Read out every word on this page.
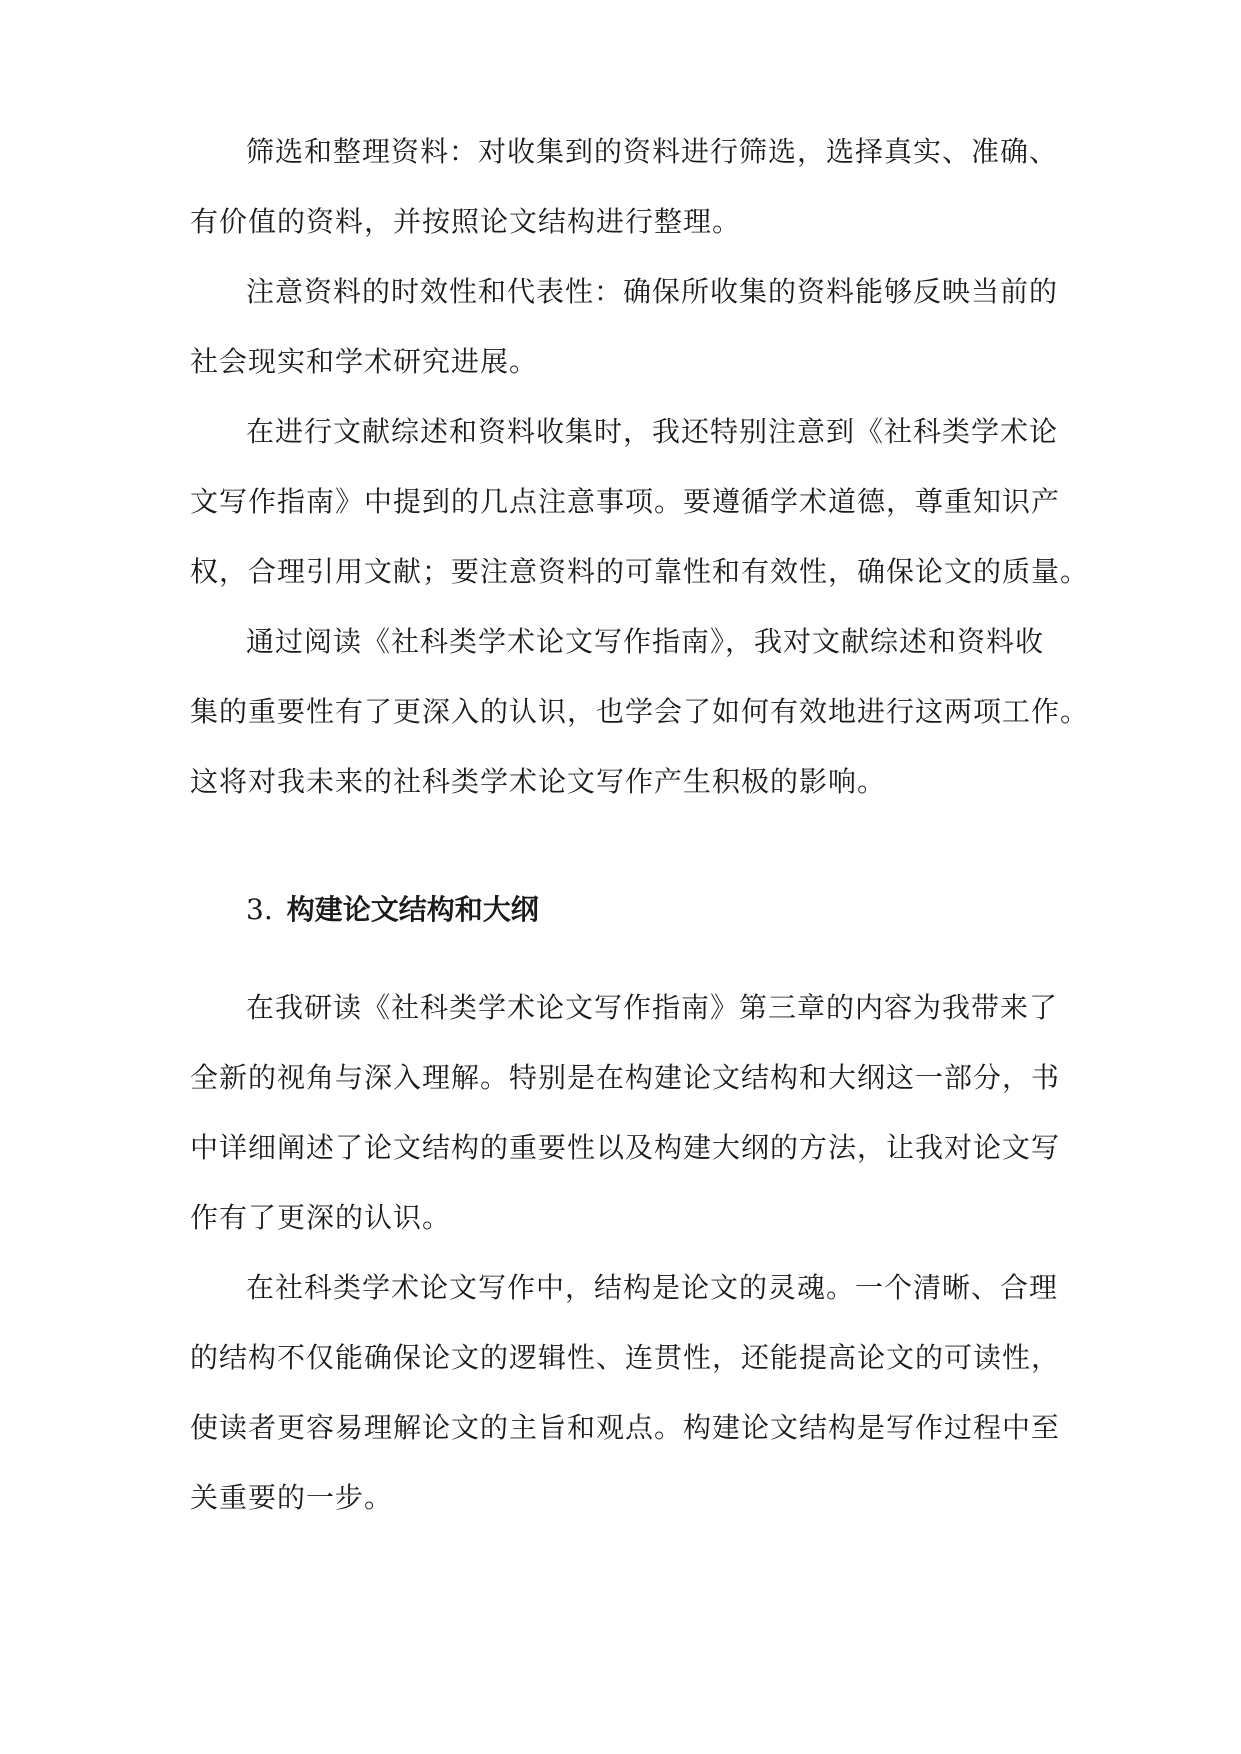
筛选和整理资料：对收集到的资料进行筛选，选择真实、准确、
有价值的资料，并按照论文结构进行整理。
注意资料的时效性和代表性：确保所收集的资料能够反映当前的
社会现实和学术研究进展。
在进行文献综述和资料收集时，我还特别注意到《社科类学术论
文写作指南》中提到的几点注意事项。要遵循学术道德，尊重知识产
权，合理引用文献；要注意资料的可靠性和有效性，确保论文的质量。
通过阅读《社科类学术论文写作指南》，我对文献综述和资料收
集的重要性有了更深入的认识，也学会了如何有效地进行这两项工作。
这将对我未来的社科类学术论文写作产生积极的影响。
3. 构建论文结构和大纲
在我研读《社科类学术论文写作指南》第三章的内容为我带来了
全新的视角与深入理解。特别是在构建论文结构和大纲这一部分，书
中详细阐述了论文结构的重要性以及构建大纲的方法，让我对论文写
作有了更深的认识。
在社科类学术论文写作中，结构是论文的灵魂。一个清晰、合理
的结构不仅能确保论文的逻辑性、连贯性，还能提高论文的可读性，
使读者更容易理解论文的主旨和观点。构建论文结构是写作过程中至
关重要的一步。
